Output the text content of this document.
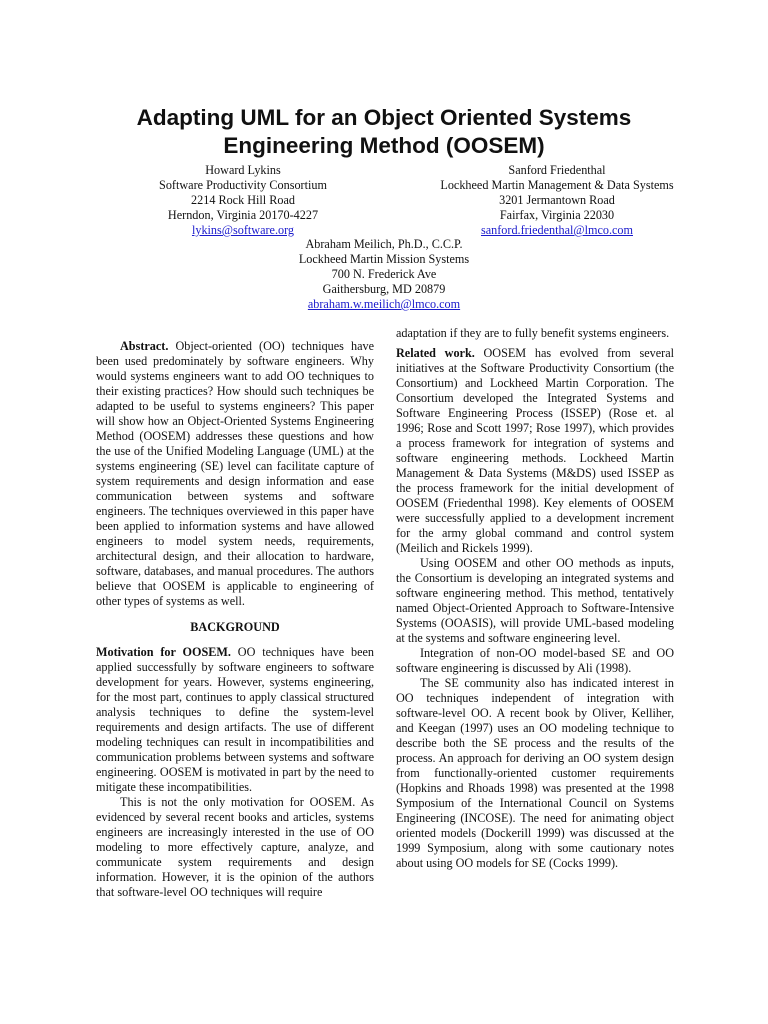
Adapting UML for an Object Oriented Systems
Engineering Method (OOSEM)
Howard Lykins
Software Productivity Consortium
2214 Rock Hill Road
Herndon, Virginia 20170-4227
lykins@software.org
Sanford Friedenthal
Lockheed Martin Management & Data Systems
3201 Jermantown Road
Fairfax, Virginia 22030
sanford.friedenthal@lmco.com
Abraham Meilich, Ph.D., C.C.P.
Lockheed Martin Mission Systems
700 N. Frederick Ave
Gaithersburg, MD 20879
abraham.w.meilich@lmco.com

Abstract. Object-oriented (OO) techniques have been used predominately by software engineers. Why would systems engineers want to add OO techniques to their existing practices? How should such techniques be adapted to be useful to systems engineers? This paper will show how an Object-Oriented Systems Engineering Method (OOSEM) addresses these questions and how the use of the Unified Modeling Language (UML) at the systems engineering (SE) level can facilitate capture of system requirements and design information and ease communication between systems and software engineers. The techniques overviewed in this paper have been applied to information systems and have allowed engineers to model system needs, requirements, architectural design, and their allocation to hardware, software, databases, and manual procedures. The authors believe that OOSEM is applicable to engineering of other types of systems as well.

BACKGROUND

Motivation for OOSEM. OO techniques have been applied successfully by software engineers to software development for years. However, systems engineering, for the most part, continues to apply classical structured analysis techniques to define the system-level requirements and design artifacts. The use of different modeling techniques can result in incompatibilities and communication problems between systems and software engineering. OOSEM is motivated in part by the need to mitigate these incompatibilities.

This is not the only motivation for OOSEM. As evidenced by several recent books and articles, systems engineers are increasingly interested in the use of OO modeling to more effectively capture, analyze, and communicate system requirements and design information. However, it is the opinion of the authors that software-level OO techniques will require

adaptation if they are to fully benefit systems engineers.

Related work. OOSEM has evolved from several initiatives at the Software Productivity Consortium (the Consortium) and Lockheed Martin Corporation. The Consortium developed the Integrated Systems and Software Engineering Process (ISSEP) (Rose et. al 1996; Rose and Scott 1997; Rose 1997), which provides a process framework for integration of systems and software engineering methods. Lockheed Martin Management & Data Systems (M&DS) used ISSEP as the process framework for the initial development of OOSEM (Friedenthal 1998). Key elements of OOSEM were successfully applied to a development increment for the army global command and control system (Meilich and Rickels 1999).

Using OOSEM and other OO methods as inputs, the Consortium is developing an integrated systems and software engineering method. This method, tentatively named Object-Oriented Approach to Software-Intensive Systems (OOASIS), will provide UML-based modeling at the systems and software engineering level.

Integration of non-OO model-based SE and OO software engineering is discussed by Ali (1998).

The SE community also has indicated interest in OO techniques independent of integration with software-level OO. A recent book by Oliver, Kelliher, and Keegan (1997) uses an OO modeling technique to describe both the SE process and the results of the process. An approach for deriving an OO system design from functionally-oriented customer requirements (Hopkins and Rhoads 1998) was presented at the 1998 Symposium of the International Council on Systems Engineering (INCOSE). The need for animating object oriented models (Dockerill 1999) was discussed at the 1999 Symposium, along with some cautionary notes about using OO models for SE (Cocks 1999).
